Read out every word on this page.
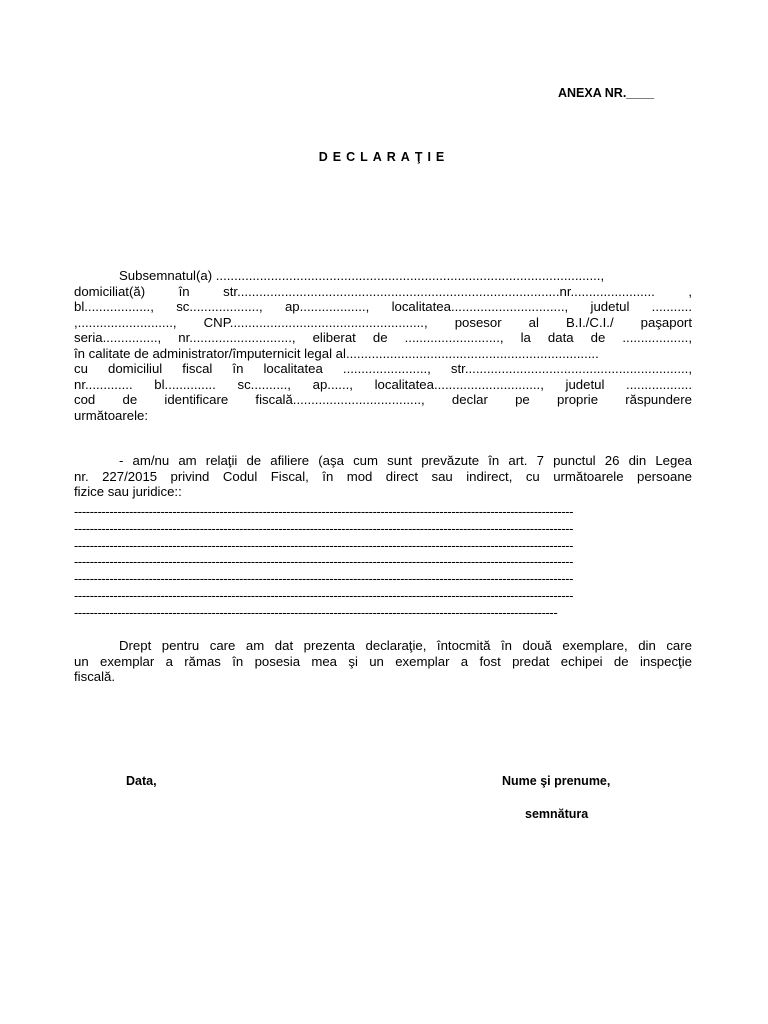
ANEXA NR.____
DECLARAŢIE
Subsemnatul(a) .........................................................................................................,
domiciliat(ă) în str........................................................................................nr....................... ,
bl.................., sc..................., ap.................., localitatea..............................., judetul ...........
,.........................., CNP....................................................., posesor al B.I./C.I./ paşaport
seria..............., nr............................, eliberat de .........................., la data de ..................,
în calitate de administrator/împuternicit legal al.....................................................................
cu domiciliul fiscal în localitatea ......................., str.............................................................,
nr............. bl.............. sc.........., ap......, localitatea............................., judetul ..................
cod de identificare fiscală..................................., declar pe proprie răspundere
următoarele:
- am/nu am relaţii de afiliere (aşa cum sunt prevăzute în art. 7 punctul 26 din Legea
nr. 227/2015 privind Codul Fiscal, în mod direct sau indirect, cu următoarele persoane
fizice sau juridice::
-------------------------------------------------------------------------------------------------------------------------------
-------------------------------------------------------------------------------------------------------------------------------
-------------------------------------------------------------------------------------------------------------------------------
-------------------------------------------------------------------------------------------------------------------------------
-------------------------------------------------------------------------------------------------------------------------------
-------------------------------------------------------------------------------------------------------------------------------
---------------------------------------------------------------------------------------------------------------------------
Drept pentru care am dat prezenta declaraţie, întocmită în două exemplare, din care
un exemplar a rămas în posesia mea şi un exemplar a fost predat echipei de inspecţie
fiscală.
Data,	Nume şi prenume,
semnătura
